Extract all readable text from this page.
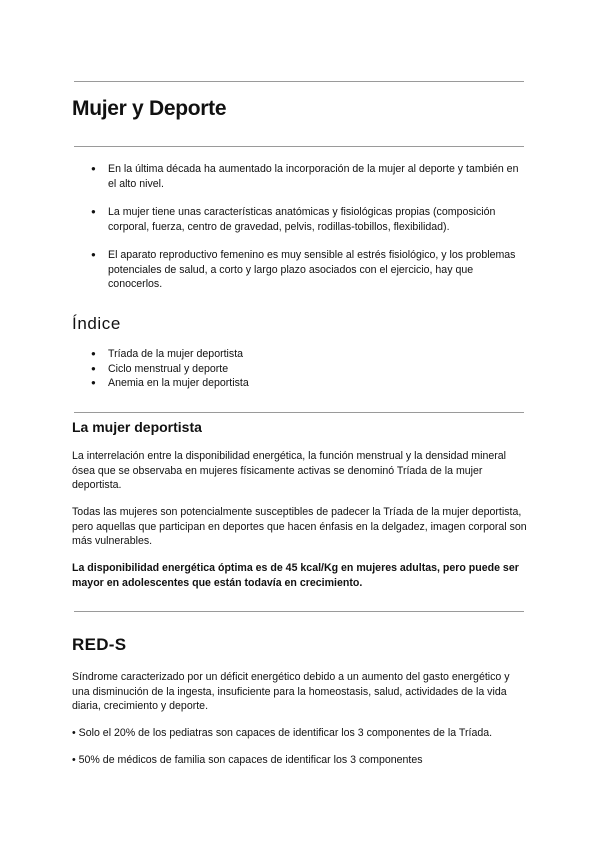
Mujer y Deporte
● En la última década ha aumentado la incorporación de la mujer al deporte y también en el alto nivel.
● La mujer tiene unas características anatómicas y fisiológicas propias (composición corporal, fuerza, centro de gravedad, pelvis, rodillas-tobillos, flexibilidad).
● El aparato reproductivo femenino es muy sensible al estrés fisiológico, y los problemas potenciales de salud, a corto y largo plazo asociados con el ejercicio, hay que conocerlos.
Índice
● Tríada de la mujer deportista
● Ciclo menstrual y deporte
● Anemia en la mujer deportista
La mujer deportista

La interrelación entre la disponibilidad energética, la función menstrual y la densidad mineral ósea que se observaba en mujeres físicamente activas se denominó Tríada de la mujer deportista.

Todas las mujeres son potencialmente susceptibles de padecer la Tríada de la mujer deportista, pero aquellas que participan en deportes que hacen énfasis en la delgadez, imagen corporal son más vulnerables.

La disponibilidad energética óptima es de 45 kcal/Kg en mujeres adultas, pero puede ser mayor en adolescentes que están todavía en crecimiento.

RED-S

Síndrome caracterizado por un déficit energético debido a un aumento del gasto energético y una disminución de la ingesta, insuficiente para la homeostasis, salud, actividades de la vida diaria, crecimiento y deporte.

• Solo el 20% de los pediatras son capaces de identificar los 3 componentes de la Tríada.

• 50% de médicos de familia son capaces de identificar los 3 componentes
